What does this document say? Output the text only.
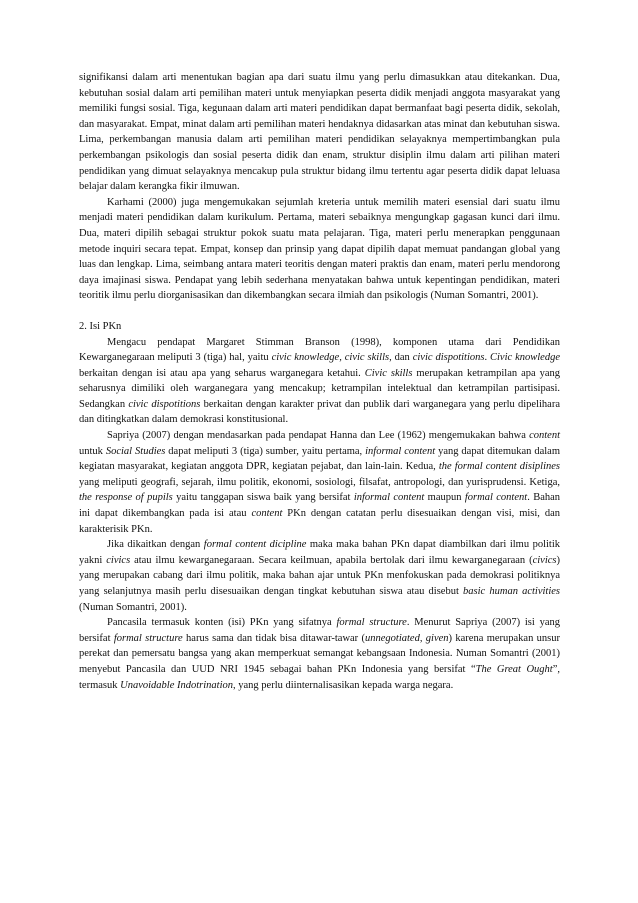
signifikansi dalam arti menentukan bagian apa dari suatu ilmu yang perlu dimasukkan atau ditekankan. Dua, kebutuhan sosial dalam arti pemilihan materi untuk menyiapkan peserta didik menjadi anggota masyarakat yang memiliki fungsi sosial. Tiga, kegunaan dalam arti materi pendidikan dapat bermanfaat bagi peserta didik, sekolah, dan masyarakat. Empat, minat dalam arti pemilihan materi hendaknya didasarkan atas minat dan kebutuhan siswa. Lima, perkembangan manusia dalam arti pemilihan materi pendidikan selayaknya mempertimbangkan pula perkembangan psikologis dan sosial peserta didik dan enam, struktur disiplin ilmu dalam arti pilihan materi pendidikan yang dimuat selayaknya mencakup pula struktur bidang ilmu tertentu agar peserta didik dapat leluasa belajar dalam kerangka fikir ilmuwan.

Karhami (2000) juga mengemukakan sejumlah kreteria untuk memilih materi esensial dari suatu ilmu menjadi materi pendidikan dalam kurikulum. Pertama, materi sebaiknya mengungkap gagasan kunci dari ilmu. Dua, materi dipilih sebagai struktur pokok suatu mata pelajaran. Tiga, materi perlu menerapkan penggunaan metode inquiri secara tepat. Empat, konsep dan prinsip yang dapat dipilih dapat memuat pandangan global yang luas dan lengkap. Lima, seimbang antara materi teoritis dengan materi praktis dan enam, materi perlu mendorong daya imajinasi siswa. Pendapat yang lebih sederhana menyatakan bahwa untuk kepentingan pendidikan, materi teoritik ilmu perlu diorganisasikan dan dikembangkan secara ilmiah dan psikologis (Numan Somantri, 2001).

2. Isi PKn

Mengacu pendapat Margaret Stimman Branson (1998), komponen utama dari Pendidikan Kewarganegaraan meliputi 3 (tiga) hal, yaitu civic knowledge, civic skills, dan civic dispotitions. Civic knowledge berkaitan dengan isi atau apa yang seharus warganegara ketahui. Civic skills merupakan ketrampilan apa yang seharusnya dimiliki oleh warganegara yang mencakup; ketrampilan intelektual dan ketrampilan partisipasi. Sedangkan civic dispotitions berkaitan dengan karakter privat dan publik dari warganegara yang perlu dipelihara dan ditingkatkan dalam demokrasi konstitusional.

Sapriya (2007) dengan mendasarkan pada pendapat Hanna dan Lee (1962) mengemukakan bahwa content untuk Social Studies dapat meliputi 3 (tiga) sumber, yaitu pertama, informal content yang dapat ditemukan dalam kegiatan masyarakat, kegiatan anggota DPR, kegiatan pejabat, dan lain-lain. Kedua, the formal content disiplines yang meliputi geografi, sejarah, ilmu politik, ekonomi, sosiologi, filsafat, antropologi, dan yurisprudensi. Ketiga, the response of pupils yaitu tanggapan siswa baik yang bersifat informal content maupun formal content. Bahan ini dapat dikembangkan pada isi atau content PKn dengan catatan perlu disesuaikan dengan visi, misi, dan karakterisik PKn.

Jika dikaitkan dengan formal content dicipline maka maka bahan PKn dapat diambilkan dari ilmu politik yakni civics atau ilmu kewarganegaraan. Secara keilmuan, apabila bertolak dari ilmu kewarganegaraan (civics) yang merupakan cabang dari ilmu politik, maka bahan ajar untuk PKn menfokuskan pada demokrasi politiknya yang selanjutnya masih perlu disesuaikan dengan tingkat kebutuhan siswa atau disebut basic human activities (Numan Somantri, 2001).

Pancasila termasuk konten (isi) PKn yang sifatnya formal structure. Menurut Sapriya (2007) isi yang bersifat formal structure harus sama dan tidak bisa ditawar-tawar (unnegotiated, given) karena merupakan unsur perekat dan pemersatu bangsa yang akan memperkuat semangat kebangsaan Indonesia. Numan Somantri (2001) menyebut Pancasila dan UUD NRI 1945 sebagai bahan PKn Indonesia yang bersifat “The Great Ought”, termasuk Unavoidable Indotrination, yang perlu diinternalisasikan kepada warga negara.
